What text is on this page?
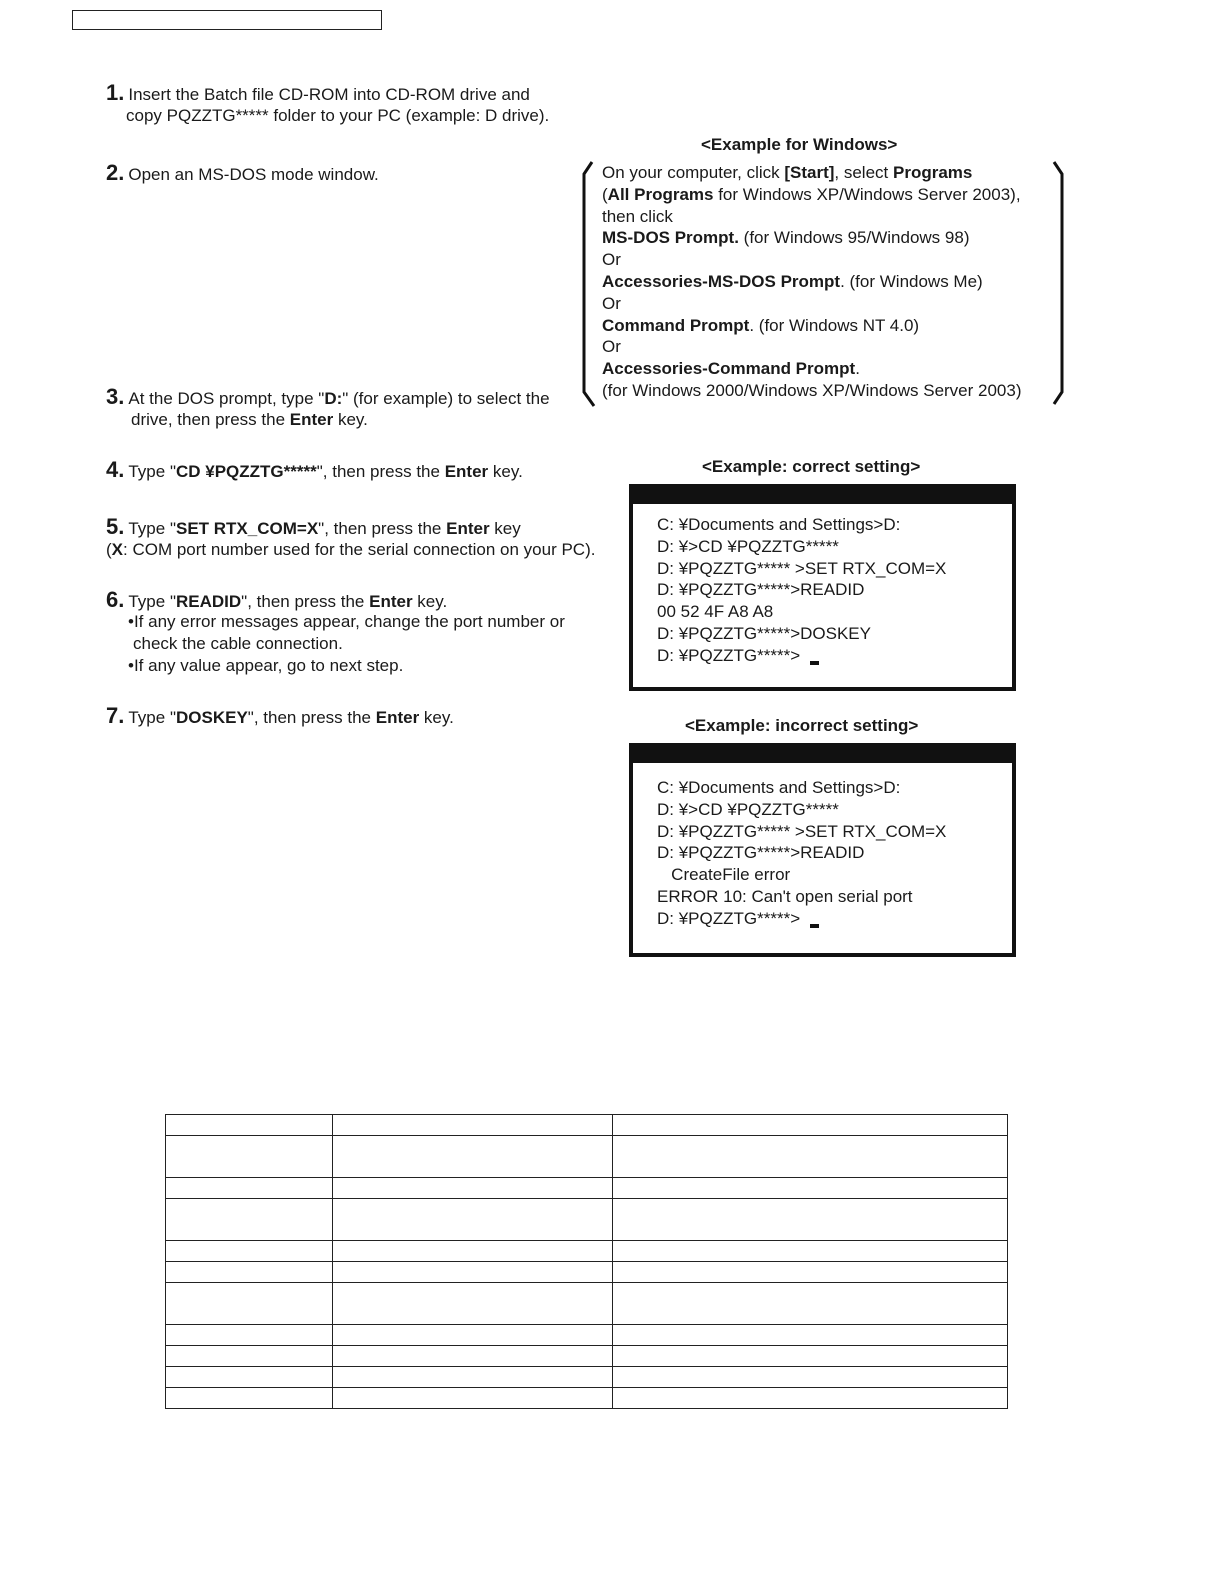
1. Insert the Batch file CD-ROM into CD-ROM drive and
copy PQZZTG***** folder to your PC (example: D drive).
2. Open an MS-DOS mode window.
3. At the DOS prompt, type "D:" (for example) to select the
drive, then press the Enter key.
4. Type "CD ¥PQZZTG*****", then press the Enter key.
5. Type "SET RTX_COM=X", then press the Enter key
(X: COM port number used for the serial connection on your PC).
6. Type "READID", then press the Enter key.
•If any error messages appear, change the port number or
check the cable connection.
•If any value appear, go to next step.
7. Type "DOSKEY", then press the Enter key.
<Example for Windows>
On your computer, click [Start], select Programs
(All Programs for Windows XP/Windows Server 2003),
then click
MS-DOS Prompt. (for Windows 95/Windows 98)
Or
Accessories-MS-DOS Prompt. (for Windows Me)
Or
Command Prompt. (for Windows NT 4.0)
Or
Accessories-Command Prompt.
(for Windows 2000/Windows XP/Windows Server 2003)
<Example: correct setting>
C: ¥Documents and Settings>D:
D: ¥>CD ¥PQZZTG*****
D: ¥PQZZTG***** >SET RTX_COM=X
D: ¥PQZZTG*****>READID
00 52 4F A8 A8
D: ¥PQZZTG*****>DOSKEY
D: ¥PQZZTG*****>
<Example: incorrect setting>
C: ¥Documents and Settings>D:
D: ¥>CD ¥PQZZTG*****
D: ¥PQZZTG***** >SET RTX_COM=X
D: ¥PQZZTG*****>READID
CreateFile error
ERROR 10: Can't open serial port
D: ¥PQZZTG*****>
